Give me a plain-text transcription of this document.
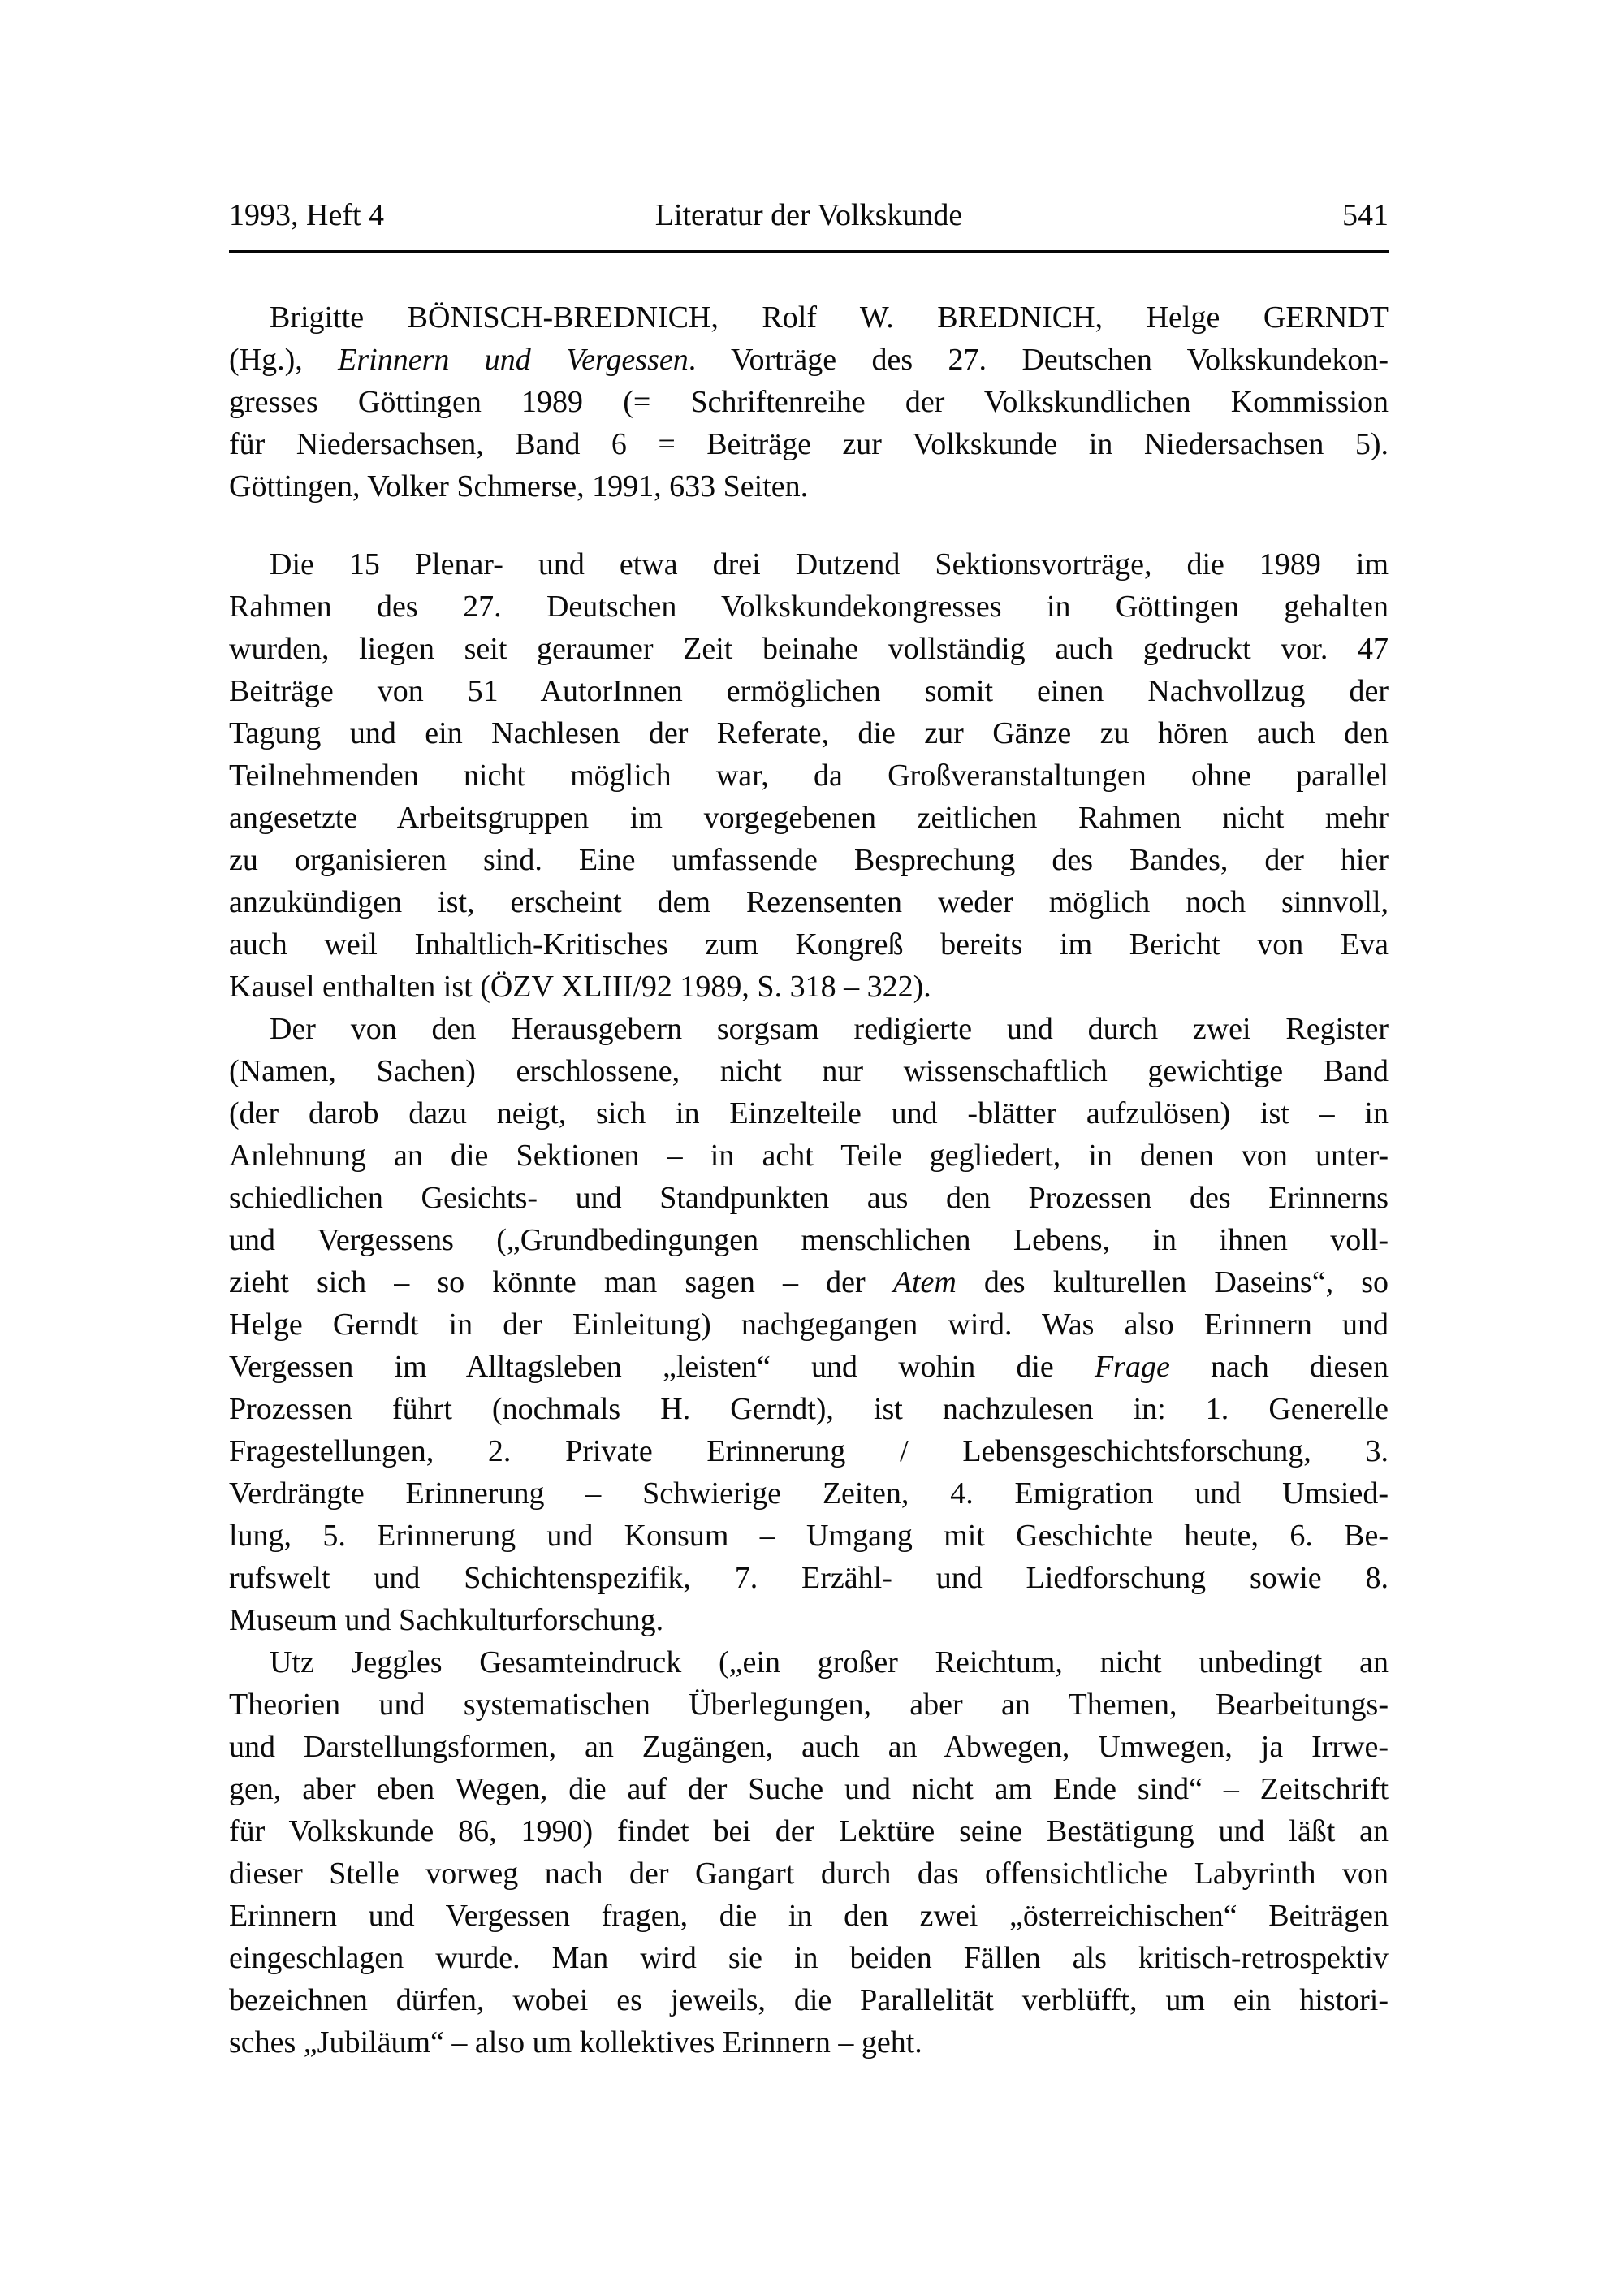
1993, Heft 4	Literatur der Volkskunde	541
Brigitte BÖNISCH-BREDNICH, Rolf W. BREDNICH, Helge GERNDT
(Hg.), Erinnern und Vergessen. Vorträge des 27. Deutschen Volkskundekon-
gresses Göttingen 1989 (= Schriftenreihe der Volkskundlichen Kommission
für Niedersachsen, Band 6 = Beiträge zur Volkskunde in Niedersachsen 5).
Göttingen, Volker Schmerse, 1991, 633 Seiten.
Die 15 Plenar- und etwa drei Dutzend Sektionsvorträge, die 1989 im
Rahmen des 27. Deutschen Volkskundekongresses in Göttingen gehalten
wurden, liegen seit geraumer Zeit beinahe vollständig auch gedruckt vor. 47
Beiträge von 51 AutorInnen ermöglichen somit einen Nachvollzug der
Tagung und ein Nachlesen der Referate, die zur Gänze zu hören auch den
Teilnehmenden nicht möglich war, da Großveranstaltungen ohne parallel
angesetzte Arbeitsgruppen im vorgegebenen zeitlichen Rahmen nicht mehr
zu organisieren sind. Eine umfassende Besprechung des Bandes, der hier
anzukündigen ist, erscheint dem Rezensenten weder möglich noch sinnvoll,
auch weil Inhaltlich-Kritisches zum Kongreß bereits im Bericht von Eva
Kausel enthalten ist (ÖZV XLIII/92 1989, S. 318 – 322).
Der von den Herausgebern sorgsam redigierte und durch zwei Register
(Namen, Sachen) erschlossene, nicht nur wissenschaftlich gewichtige Band
(der darob dazu neigt, sich in Einzelteile und -blätter aufzulösen) ist – in
Anlehnung an die Sektionen – in acht Teile gegliedert, in denen von unter-
schiedlichen Gesichts- und Standpunkten aus den Prozessen des Erinnerns
und Vergessens („Grundbedingungen menschlichen Lebens, in ihnen voll-
zieht sich – so könnte man sagen – der Atem des kulturellen Daseins“, so
Helge Gerndt in der Einleitung) nachgegangen wird. Was also Erinnern und
Vergessen im Alltagsleben „leisten“ und wohin die Frage nach diesen
Prozessen führt (nochmals H. Gerndt), ist nachzulesen in: 1. Generelle
Fragestellungen, 2. Private Erinnerung / Lebensgeschichtsforschung, 3.
Verdrängte Erinnerung – Schwierige Zeiten, 4. Emigration und Umsied-
lung, 5. Erinnerung und Konsum – Umgang mit Geschichte heute, 6. Be-
rufswelt und Schichtenspezifik, 7. Erzähl- und Liedforschung sowie 8.
Museum und Sachkulturforschung.
Utz Jeggles Gesamteindruck („ein großer Reichtum, nicht unbedingt an
Theorien und systematischen Überlegungen, aber an Themen, Bearbeitungs-
und Darstellungsformen, an Zugängen, auch an Abwegen, Umwegen, ja Irrwe-
gen, aber eben Wegen, die auf der Suche und nicht am Ende sind“ – Zeitschrift
für Volkskunde 86, 1990) findet bei der Lektüre seine Bestätigung und läßt an
dieser Stelle vorweg nach der Gangart durch das offensichtliche Labyrinth von
Erinnern und Vergessen fragen, die in den zwei „österreichischen“ Beiträgen
eingeschlagen wurde. Man wird sie in beiden Fällen als kritisch-retrospektiv
bezeichnen dürfen, wobei es jeweils, die Parallelität verblüfft, um ein histori-
sches „Jubiläum“ – also um kollektives Erinnern – geht.
